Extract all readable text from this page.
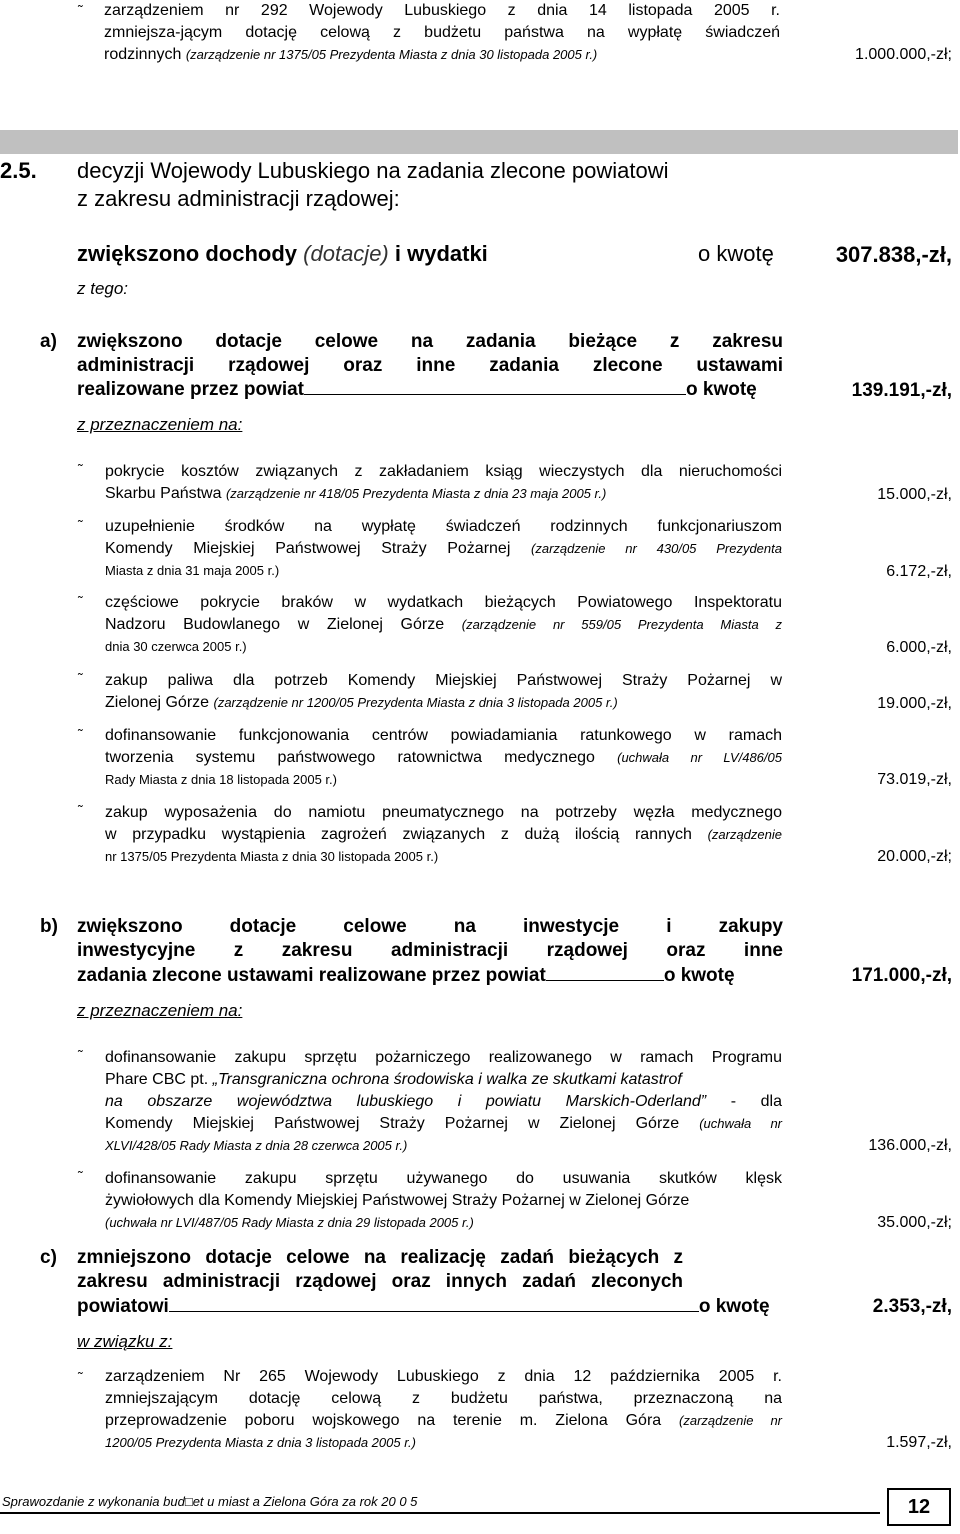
˜ zarządzeniem nr 292 Wojewody Lubuskiego z dnia 14 listopada 2005 r.
zmniejsza-jącym dotację celową z budżetu państwa na wypłatę świadczeń
rodzinnych (zarządzenie nr 1375/05 Prezydenta Miasta z dnia 30 listopada 2005 r.)	1.000.000,-zł;
2.5. decyzji Wojewody Lubuskiego na zadania zlecone powiatowi
z zakresu administracji rządowej:
zwiększono dochody (dotacje) i wydatki	o kwotę	307.838,-zł,
z tego:
a) zwiększono dotacje celowe na zadania bieżące z zakresu
administracji rządowej oraz inne zadania zlecone ustawami
realizowane przez powiat	o kwotę	139.191,-zł,
z przeznaczeniem na:
˜ pokrycie kosztów związanych z zakładaniem ksiąg wieczystych dla nieruchomości
Skarbu Państwa (zarządzenie nr 418/05 Prezydenta Miasta z dnia 23 maja 2005 r.)	15.000,-zł,
˜ uzupełnienie środków na wypłatę świadczeń rodzinnych funkcjonariuszom
Komendy Miejskiej Państwowej Straży Pożarnej (zarządzenie nr 430/05 Prezydenta
Miasta z dnia 31 maja 2005 r.)	6.172,-zł,
˜ częściowe pokrycie braków w wydatkach bieżących Powiatowego Inspektoratu
Nadzoru Budowlanego w Zielonej Górze (zarządzenie nr 559/05 Prezydenta Miasta z
dnia 30 czerwca 2005 r.)	6.000,-zł,
˜ zakup paliwa dla potrzeb Komendy Miejskiej Państwowej Straży Pożarnej w
Zielonej Górze (zarządzenie nr 1200/05 Prezydenta Miasta z dnia 3 listopada 2005 r.)	19.000,-zł,
˜ dofinansowanie funkcjonowania centrów powiadamiania ratunkowego w ramach
tworzenia systemu państwowego ratownictwa medycznego (uchwała nr LV/486/05
Rady Miasta z dnia 18 listopada 2005 r.)	73.019,-zł,
˜ zakup wyposażenia do namiotu pneumatycznego na potrzeby węzła medycznego
w przypadku wystąpienia zagrożeń związanych z dużą ilością rannych (zarządzenie
nr 1375/05 Prezydenta Miasta z dnia 30 listopada 2005 r.)	20.000,-zł;
b) zwiększono dotacje celowe na inwestycje i zakupy
inwestycyjne z zakresu administracji rządowej oraz inne
zadania zlecone ustawami realizowane przez powiat	o kwotę	171.000,-zł,
z przeznaczeniem na:
˜ dofinansowanie zakupu sprzętu pożarniczego realizowanego w ramach Programu
Phare CBC pt. „Transgraniczna ochrona środowiska i walka ze skutkami katastrof
na obszarze województwa lubuskiego i powiatu Marskich-Oderland” - dla
Komendy Miejskiej Państwowej Straży Pożarnej w Zielonej Górze (uchwała nr
XLVI/428/05 Rady Miasta z dnia 28 czerwca 2005 r.)	136.000,-zł,
˜ dofinansowanie zakupu sprzętu używanego do usuwania skutków klęsk
żywiołowych dla Komendy Miejskiej Państwowej Straży Pożarnej w Zielonej Górze
(uchwała nr LVI/487/05 Rady Miasta z dnia 29 listopada 2005 r.)	35.000,-zł;
c) zmniejszono dotacje celowe na realizację zadań bieżących z
zakresu administracji rządowej oraz innych zadań zleconych
powiatowi	o kwotę	2.353,-zł,
w związku z:
˜ zarządzeniem Nr 265 Wojewody Lubuskiego z dnia 12 października 2005 r.
zmniejszającym dotację celową z budżetu państwa, przeznaczoną na
przeprowadzenie poboru wojskowego na terenie m. Zielona Góra (zarządzenie nr
1200/05 Prezydenta Miasta z dnia 3 listopada 2005 r.)	1.597,-zł,
Sprawozdanie z wykonania bud□et u miast a Zielona Góra za rok 20 0 5	12
